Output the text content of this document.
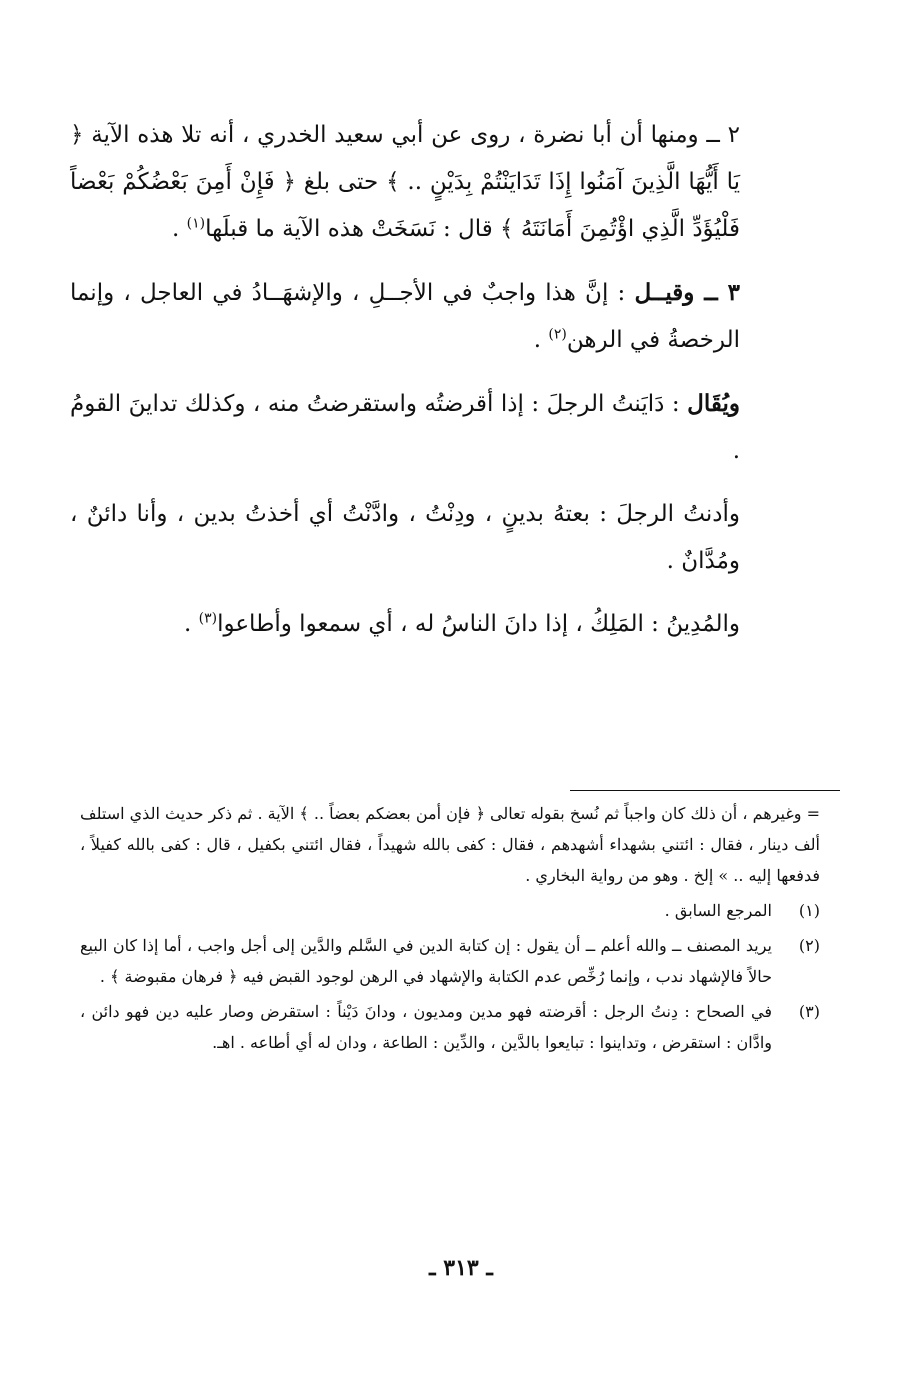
٢ ــ ومنها أن أبا نضرة ، روى عن أبي سعيد الخدري ، أنه تلا هذه الآية ﴿ يَا أَيُّهَا الَّذِينَ آمَنُوا إِذَا تَدَايَنْتُمْ بِدَيْنٍ .. ﴾ حتى بلغ ﴿ فَإِنْ أَمِنَ بَعْضُكُمْ بَعْضاً فَلْيُؤَدِّ الَّذِي اؤْتُمِنَ أَمَانَتَهُ ﴾ قال : نَسَخَتْ هذه الآية ما قبلَها$^{(١)}$ .

٣ ــ وقيــل : إنَّ هذا واجبٌ في الأجــلِ ، والإشهَــادُ في العاجل ، وإنما الرخصةُ في الرهن$^{(٢)}$ .

ويُقَال : دَايَنتُ الرجلَ : إذا أقرضتُه واستقرضتُ منه ، وكذلك تداينَ القومُ .

وأدنتُ الرجلَ : بعتهُ بدينٍ ، ودِنْتُ ، وادَّنْتُ أي أخذتُ بدين ، وأنا دائنٌ ، ومُدَّانٌ .

والمُدِينُ : المَلِكُ ، إذا دانَ الناسُ له ، أي سمعوا وأطاعوا$^{(٣)}$ .

= وغيرهم ، أن ذلك كان واجباً ثم نُسخ بقوله تعالى ﴿ فإن أمن بعضكم بعضاً .. ﴾ الآية . ثم ذكر حديث الذي استلف ألف دينار ، فقال : ائتني بشهداء أشهدهم ، فقال : كفى بالله شهيداً ، فقال ائتني بكفيل ، قال : كفى بالله كفيلاً ، فدفعها إليه .. » إلخ . وهو من رواية البخاري .
(١)
المرجع السابق .
(٢)
يريد المصنف ــ والله أعلم ــ أن يقول : إن كتابة الدين في السَّلم والدَّين إلى أجل واجب ، أما إذا كان البيع حالاً فالإشهاد ندب ، وإنما رُخِّص عدم الكتابة والإشهاد في الرهن لوجود القبض فيه ﴿ فرهان مقبوضة ﴾ .
(٣)
في الصحاح : دِنتُ الرجل : أقرضته فهو مدين ومديون ، ودانَ دَيْناً : استقرض وصار عليه دين فهو دائن ، وادَّان : استقرض ، وتداينوا : تبايعوا بالدَّين ، والدِّين : الطاعة ، ودان له أي أطاعه . اهـ.
ـ ٣١٣ ـ
